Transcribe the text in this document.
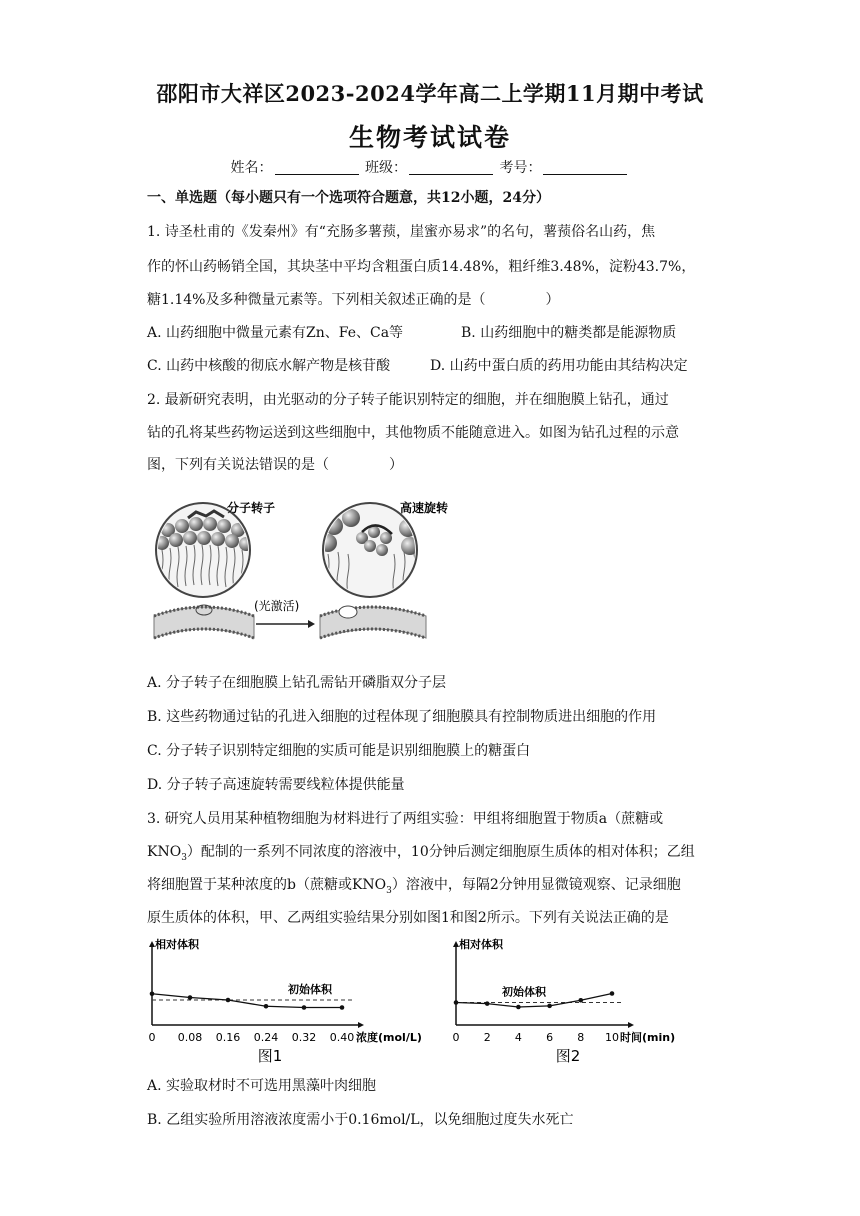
邵阳市大祥区2023-2024学年高二上学期11月期中考试
生物考试试卷
姓名：	班级：	考号：
一、单选题（每小题只有一个选项符合题意，共12小题，24分）
1. 诗圣杜甫的《发秦州》有“充肠多薯蓣，崖蜜亦易求”的名句，薯蓣俗名山药，焦
作的怀山药畅销全国，其块茎中平均含粗蛋白质14.48%，粗纤维3.48%，淀粉43.7%，
糖1.14%及多种微量元素等。下列相关叙述正确的是（	）
A. 山药细胞中微量元素有Zn、Fe、Ca等	B. 山药细胞中的糖类都是能源物质
C. 山药中核酸的彻底水解产物是核苷酸	D. 山药中蛋白质的药用功能由其结构决定
2. 最新研究表明，由光驱动的分子转子能识别特定的细胞，并在细胞膜上钻孔，通过
钻的孔将某些药物运送到这些细胞中，其他物质不能随意进入。如图为钻孔过程的示意
图，下列有关说法错误的是（	）
分子转子	高速旋转
(光激活)
A. 分子转子在细胞膜上钻孔需钻开磷脂双分子层
B. 这些药物通过钻的孔进入细胞的过程体现了细胞膜具有控制物质进出细胞的作用
C. 分子转子识别特定细胞的实质可能是识别细胞膜上的糖蛋白
D. 分子转子高速旋转需要线粒体提供能量
3. 研究人员用某种植物细胞为材料进行了两组实验：甲组将细胞置于物质a（蔗糖或
$KNO_3$）配制的一系列不同浓度的溶液中，10分钟后测定细胞原生质体的相对体积；乙组
将细胞置于某种浓度的b（蔗糖或$KNO_3$）溶液中，每隔2分钟用显微镜观察、记录细胞
原生质体的体积，甲、乙两组实验结果分别如图1和图2所示。下列有关说法正确的是
相对体积
浓度(mol/L)
初始体积
0 0.08 0.16 0.24 0.32 0.40
图1
相对体积
时间(min)
初始体积
0 2 4 6 8 10
图2
A. 实验取材时不可选用黑藻叶肉细胞
B. 乙组实验所用溶液浓度需小于0.16mol/L，以免细胞过度失水死亡
